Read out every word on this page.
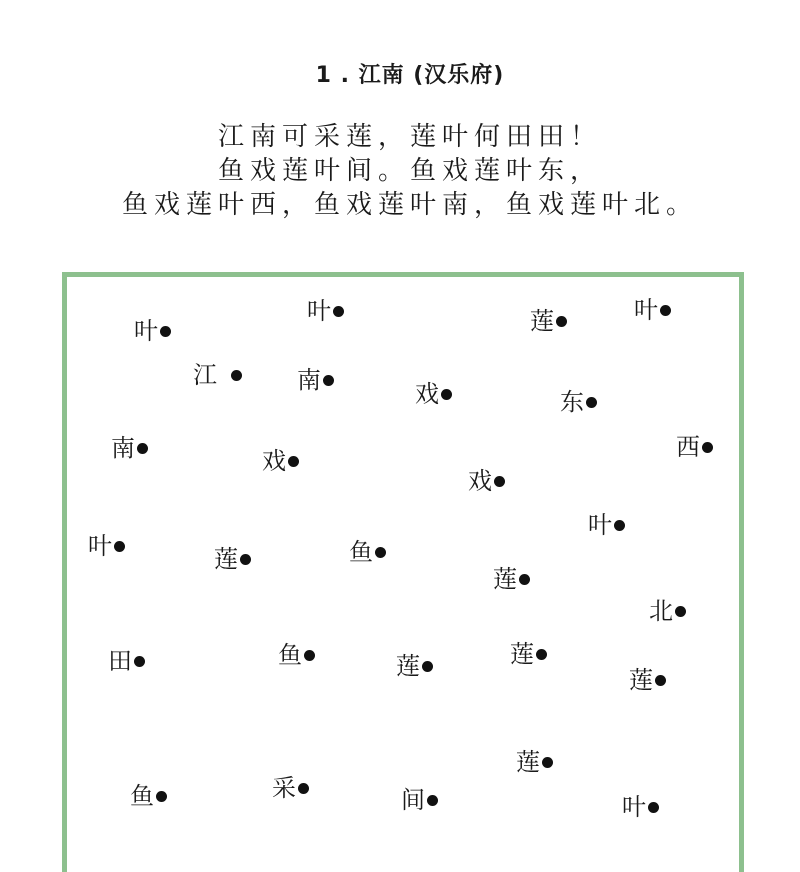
1 . 江南 (汉乐府)
江南可采莲，莲叶何田田！
鱼戏莲叶间。鱼戏莲叶东，
鱼戏莲叶西，鱼戏莲叶南，鱼戏莲叶北。
叶
叶	莲	叶
江	南	戏	东
南	戏	西
戏
叶
叶	莲	鱼
莲
北
田	鱼	莲	莲
莲
莲
鱼	采	间	叶
